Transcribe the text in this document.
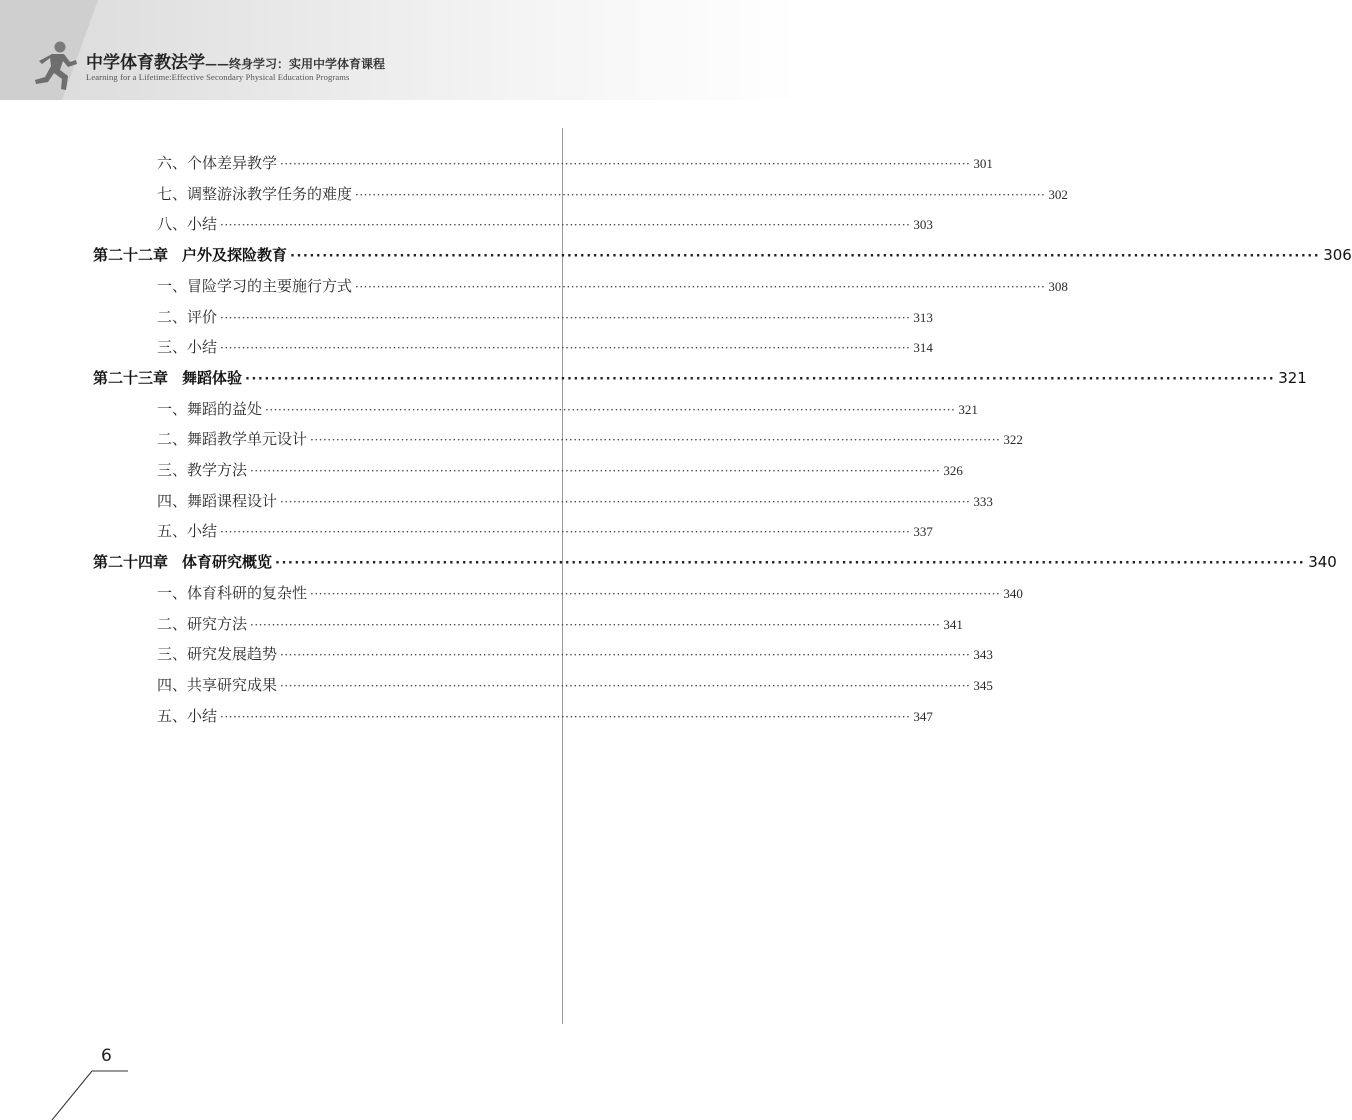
中学体育教法学——终身学习：实用中学体育课程
Learning for a Lifetime:Effective Secondary Physical Education Programs
六、个体差异教学 ································································································································································ 301
七、调整游泳教学任务的难度 ································································································································································ 302
八、小结 ································································································································································ 303
第二十二章 户外及探险教育 ································································································································································ 306
一、冒险学习的主要施行方式 ································································································································································ 308
二、评价 ································································································································································ 313
三、小结 ································································································································································ 314
第二十三章 舞蹈体验 ································································································································································ 321
一、舞蹈的益处 ································································································································································ 321
二、舞蹈教学单元设计 ································································································································································ 322
三、教学方法 ································································································································································ 326
四、舞蹈课程设计 ································································································································································ 333
五、小结 ································································································································································ 337
第二十四章 体育研究概览 ································································································································································ 340
一、体育科研的复杂性 ································································································································································ 340
二、研究方法 ································································································································································ 341
三、研究发展趋势 ································································································································································ 343
四、共享研究成果 ································································································································································ 345
五、小结 ································································································································································ 347
6
